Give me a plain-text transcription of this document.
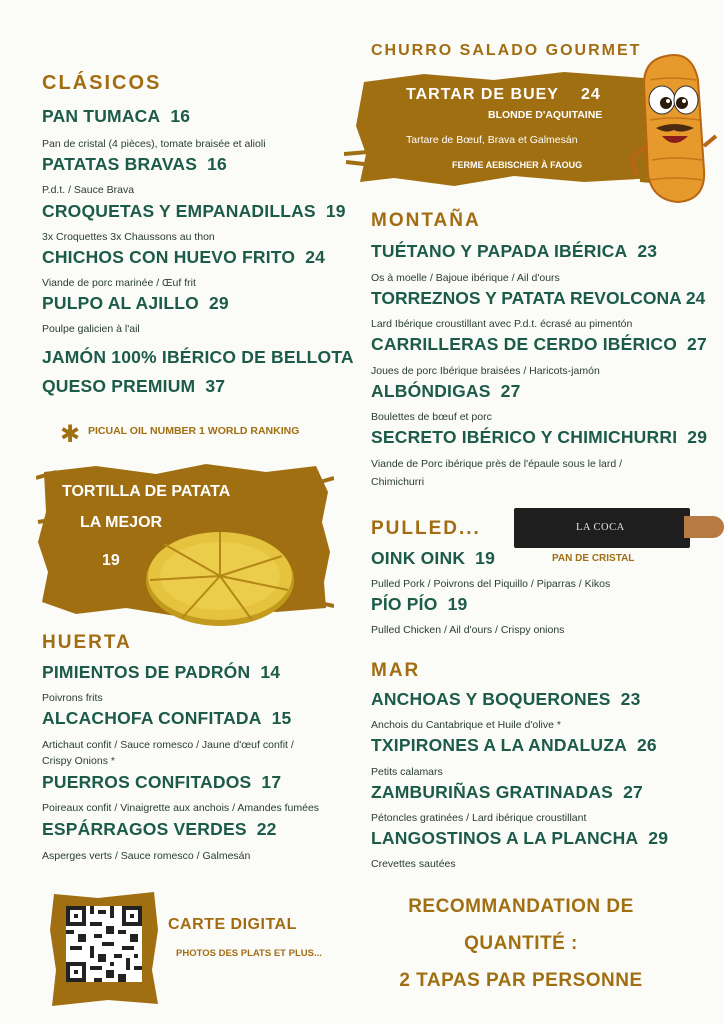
CLÁSICOS
PAN TUMACA 16
Pan de cristal (4 pièces), tomate braisée et alioli
PATATAS BRAVAS 16
P.d.t. / Sauce Brava
CROQUETAS Y EMPANADILLAS 19
3x Croquettes 3x Chaussons au thon
CHICHOS CON HUEVO FRITO 24
Viande de porc marinée / Œuf frit
PULPO AL AJILLO 29
Poulpe galicien à l'ail
JAMÓN 100% IBÉRICO DE BELLOTA
QUESO PREMIUM 37
✱ PICUAL OIL NUMBER 1 WORLD RANKING
TORTILLA DE PATATA
LA MEJOR
19
HUERTA
PIMIENTOS DE PADRÓN 14
Poivrons frits
ALCACHOFA CONFITADA 15
Artichaut confit / Sauce romesco / Jaune d'œuf confit /
Crispy Onions *
PUERROS CONFITADOS 17
Poireaux confit / Vinaigrette aux anchois / Amandes fumées
ESPÁRRAGOS VERDES 22
Asperges verts / Sauce romesco / Galmesán
CARTE DIGITAL
PHOTOS DES PLATS ET PLUS...
CHURRO SALADO GOURMET
TARTAR DE BUEY 24
BLONDE D'AQUITAINE
Tartare de Bœuf, Brava et Galmesán
FERME AEBISCHER À FAOUG
MONTAÑA
TUÉTANO Y PAPADA IBÉRICA 23
Os à moelle / Bajoue ibérique / Ail d'ours
TORREZNOS Y PATATA REVOLCONA 24
Lard Ibérique croustillant avec P.d.t. écrasé au pimentón
CARRILLERAS DE CERDO IBÉRICO 27
Joues de porc Ibérique braisées / Haricots-jamón
ALBÓNDIGAS 27
Boulettes de bœuf et porc
SECRETO IBÉRICO Y CHIMICHURRI 29
Viande de Porc ibérique près de l'épaule sous le lard /
Chimichurri
PULLED...	LA COCA
PAN DE CRISTAL
OINK OINK 19
Pulled Pork / Poivrons del Piquillo / Piparras / Kikos
PÍO PÍO 19
Pulled Chicken / Ail d'ours / Crispy onions
MAR
ANCHOAS Y BOQUERONES 23
Anchois du Cantabrique et Huile d'olive *
TXIPIRONES A LA ANDALUZA 26
Petits calamars
ZAMBURIÑAS GRATINADAS 27
Pétoncles gratinées / Lard ibérique croustillant
LANGOSTINOS A LA PLANCHA 29
Crevettes sautées
RECOMMANDATION DE
QUANTITÉ :
2 TAPAS PAR PERSONNE
